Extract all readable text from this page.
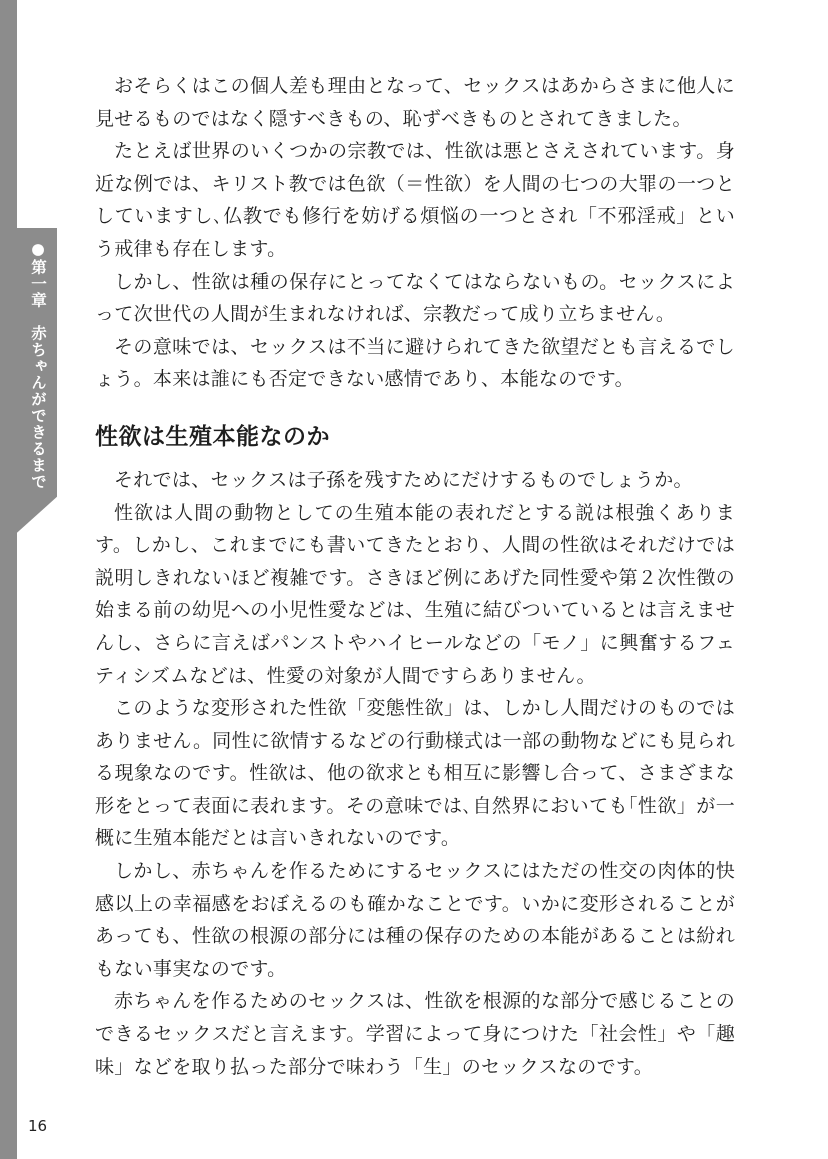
●第一章　赤ちゃんができるまで

おそらくはこの個人差も理由となって、セックスはあからさまに他人に見せるものではなく隠すべきもの、恥ずべきものとされてきました。

たとえば世界のいくつかの宗教では、性欲は悪とさえされています。身近な例では、キリスト教では色欲（＝性欲）を人間の七つの大罪の一つとしていますし､仏教でも修行を妨げる煩悩の一つとされ「不邪淫戒」という戒律も存在します。

しかし、性欲は種の保存にとってなくてはならないもの。セックスによって次世代の人間が生まれなければ、宗教だって成り立ちません。

その意味では、セックスは不当に避けられてきた欲望だとも言えるでしょう。本来は誰にも否定できない感情であり、本能なのです。

性欲は生殖本能なのか

それでは、セックスは子孫を残すためにだけするものでしょうか。

性欲は人間の動物としての生殖本能の表れだとする説は根強くあります。しかし、これまでにも書いてきたとおり、人間の性欲はそれだけでは説明しきれないほど複雑です。さきほど例にあげた同性愛や第２次性徴の始まる前の幼児への小児性愛などは、生殖に結びついているとは言えませんし、さらに言えばパンストやハイヒールなどの「モノ」に興奮するフェティシズムなどは、性愛の対象が人間ですらありません。

このような変形された性欲「変態性欲」は、しかし人間だけのものではありません。同性に欲情するなどの行動様式は一部の動物などにも見られる現象なのです。性欲は、他の欲求とも相互に影響し合って、さまざまな形をとって表面に表れます。その意味では､自然界においても｢性欲」が一概に生殖本能だとは言いきれないのです。

しかし、赤ちゃんを作るためにするセックスにはただの性交の肉体的快感以上の幸福感をおぼえるのも確かなことです。いかに変形されることがあっても、性欲の根源の部分には種の保存のための本能があることは紛れもない事実なのです。

赤ちゃんを作るためのセックスは、性欲を根源的な部分で感じることのできるセックスだと言えます。学習によって身につけた「社会性」や「趣味」などを取り払った部分で味わう「生」のセックスなのです。

16
